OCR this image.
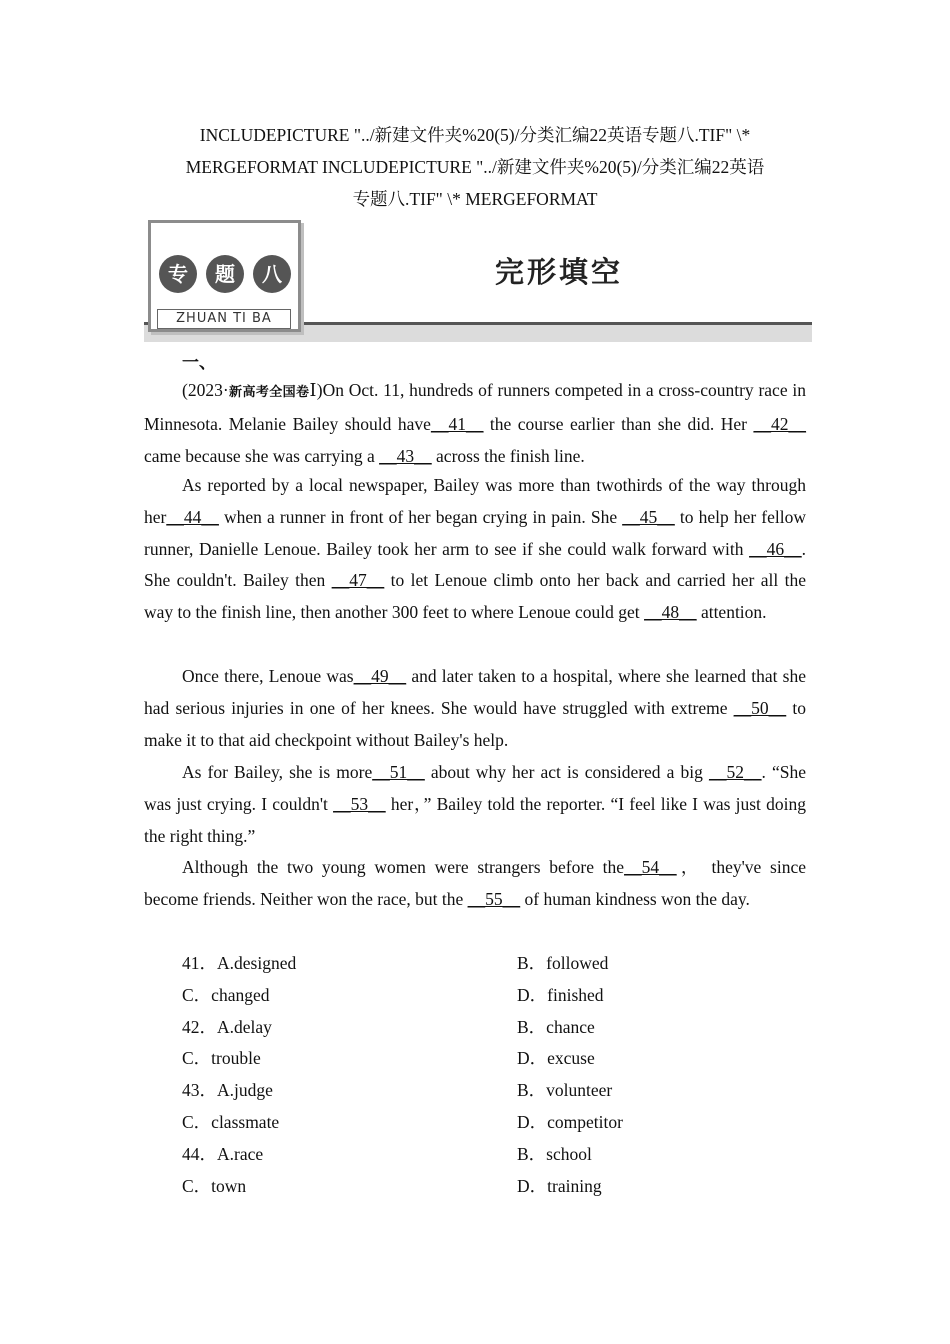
INCLUDEPICTURE "../新建文件夹%20(5)/分类汇编22英语专题八.TIF" \*
MERGEFORMAT INCLUDEPICTURE "../新建文件夹%20(5)/分类汇编22英语
专题八.TIF" \* MERGEFORMAT
专	题	八
ZHUAN TI BA
完形填空
一、

(2023·新高考全国卷Ⅰ)On Oct. 11, hundreds of runners competed in a cross-country race in Minnesota. Melanie Bailey should have__41__ the course earlier than she did. Her __42__ came because she was carrying a __43__ across the finish line.

As reported by a local newspaper, Bailey was more than twothirds of the way through her__44__ when a runner in front of her began crying in pain. She __45__ to help her fellow runner, Danielle Lenoue. Bailey took her arm to see if she could walk forward with __46__. She couldn't. Bailey then __47__ to let Lenoue climb onto her back and carried her all the way to the finish line, then another 300 feet to where Lenoue could get __48__ attention.

Once there, Lenoue was__49__ and later taken to a hospital, where she learned that she had serious injuries in one of her knees. She would have struggled with extreme __50__ to make it to that aid checkpoint without Bailey's help.

As for Bailey, she is more__51__ about why her act is considered a big __52__. “She was just crying. I couldn't __53__ her，” Bailey told the reporter. “I feel like I was just doing the right thing.”

Although the two young women were strangers before the__54__， they've since become friends. Neither won the race, but the __55__ of human kindness won the day.

41．A.designed	B．followed
C．changed	D．finished
42．A.delay	B．chance
C．trouble	D．excuse
43．A.judge	B．volunteer
C．classmate	D．competitor
44．A.race	B．school
C．town	D．training
